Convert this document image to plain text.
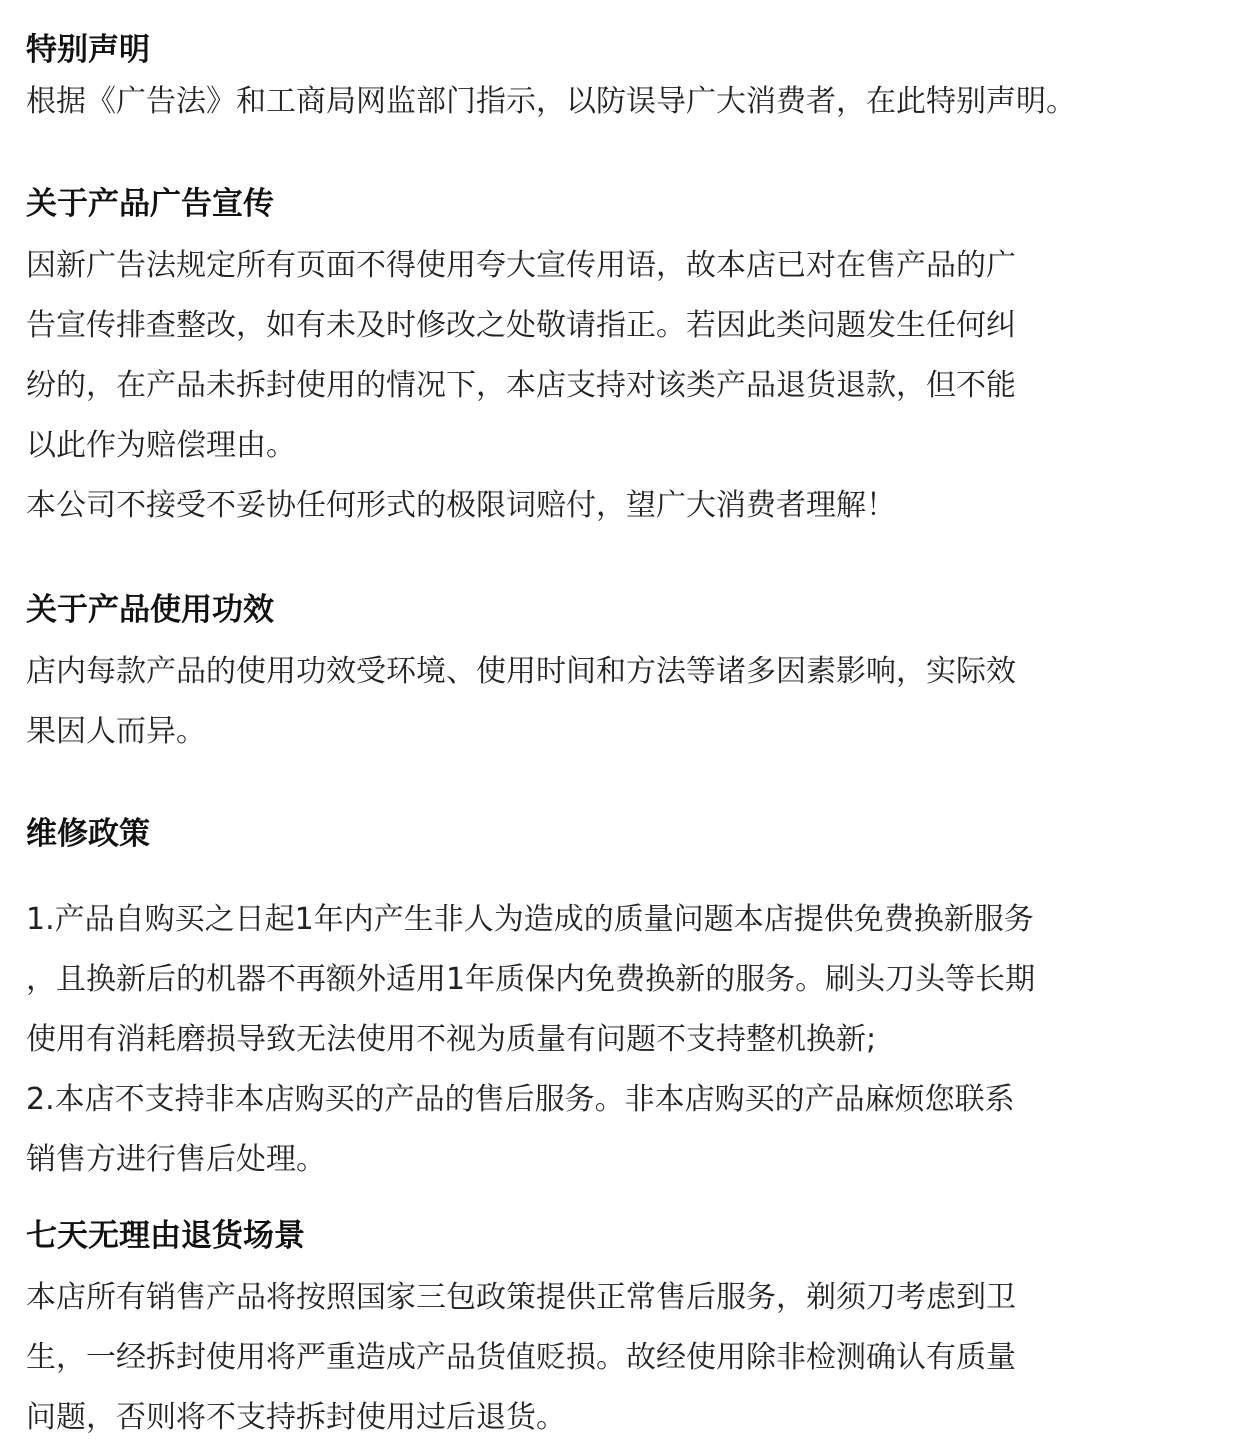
特别声明

根据《广告法》和工商局网监部门指示，以防误导广大消费者，在此特别声明。

关于产品广告宣传

因新广告法规定所有页面不得使用夸大宣传用语，故本店已对在售产品的广
告宣传排查整改，如有未及时修改之处敬请指正。若因此类问题发生任何纠
纷的，在产品未拆封使用的情况下，本店支持对该类产品退货退款，但不能
以此作为赔偿理由。
本公司不接受不妥协任何形式的极限词赔付，望广大消费者理解！

关于产品使用功效

店内每款产品的使用功效受环境、使用时间和方法等诸多因素影响，实际效
果因人而异。

维修政策

1.产品自购买之日起1年内产生非人为造成的质量问题本店提供免费换新服务
，且换新后的机器不再额外适用1年质保内免费换新的服务。刷头刀头等长期
使用有消耗磨损导致无法使用不视为质量有问题不支持整机换新;
2.本店不支持非本店购买的产品的售后服务。非本店购买的产品麻烦您联系
销售方进行售后处理。

七天无理由退货场景

本店所有销售产品将按照国家三包政策提供正常售后服务，剃须刀考虑到卫
生，一经拆封使用将严重造成产品货值贬损。故经使用除非检测确认有质量
问题，否则将不支持拆封使用过后退货。
